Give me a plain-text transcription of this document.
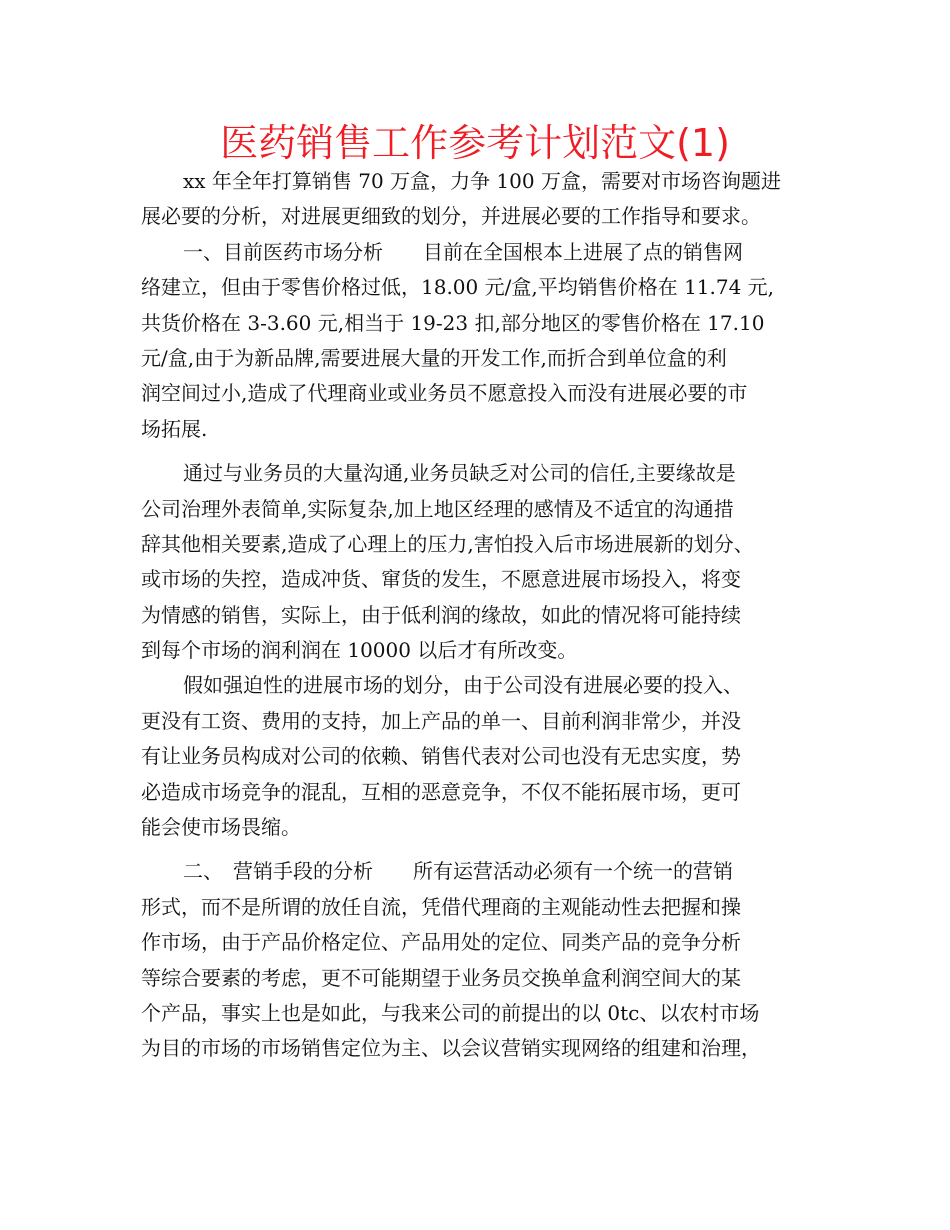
医药销售工作参考计划范文(1)
xx 年全年打算销售 70 万盒，力争 100 万盒，需要对市场咨询题进
展必要的分析，对进展更细致的划分，并进展必要的工作指导和要求。
一、目前医药市场分析　　目前在全国根本上进展了点的销售网
络建立，但由于零售价格过低，18.00 元/盒,平均销售价格在 11.74 元,
共货价格在 3-3.60 元,相当于 19-23 扣,部分地区的零售价格在 17.10
元/盒,由于为新品牌,需要进展大量的开发工作,而折合到单位盒的利
润空间过小,造成了代理商业或业务员不愿意投入而没有进展必要的市
场拓展.
通过与业务员的大量沟通,业务员缺乏对公司的信任,主要缘故是
公司治理外表简单,实际复杂,加上地区经理的感情及不适宜的沟通措
辞其他相关要素,造成了心理上的压力,害怕投入后市场进展新的划分、
或市场的失控，造成冲货、窜货的发生，不愿意进展市场投入，将变
为情感的销售，实际上，由于低利润的缘故，如此的情况将可能持续
到每个市场的润利润在 10000 以后才有所改变。
假如强迫性的进展市场的划分，由于公司没有进展必要的投入、
更没有工资、费用的支持，加上产品的单一、目前利润非常少，并没
有让业务员构成对公司的依赖、销售代表对公司也没有无忠实度，势
必造成市场竞争的混乱，互相的恶意竞争，不仅不能拓展市场，更可
能会使市场畏缩。
二、　营销手段的分析　　所有运营活动必须有一个统一的营销
形式，而不是所谓的放任自流，凭借代理商的主观能动性去把握和操
作市场，由于产品价格定位、产品用处的定位、同类产品的竞争分析
等综合要素的考虑，更不可能期望于业务员交换单盒利润空间大的某
个产品，事实上也是如此，与我来公司的前提出的以 0tc、以农村市场
为目的市场的市场销售定位为主、以会议营销实现网络的组建和治理，
